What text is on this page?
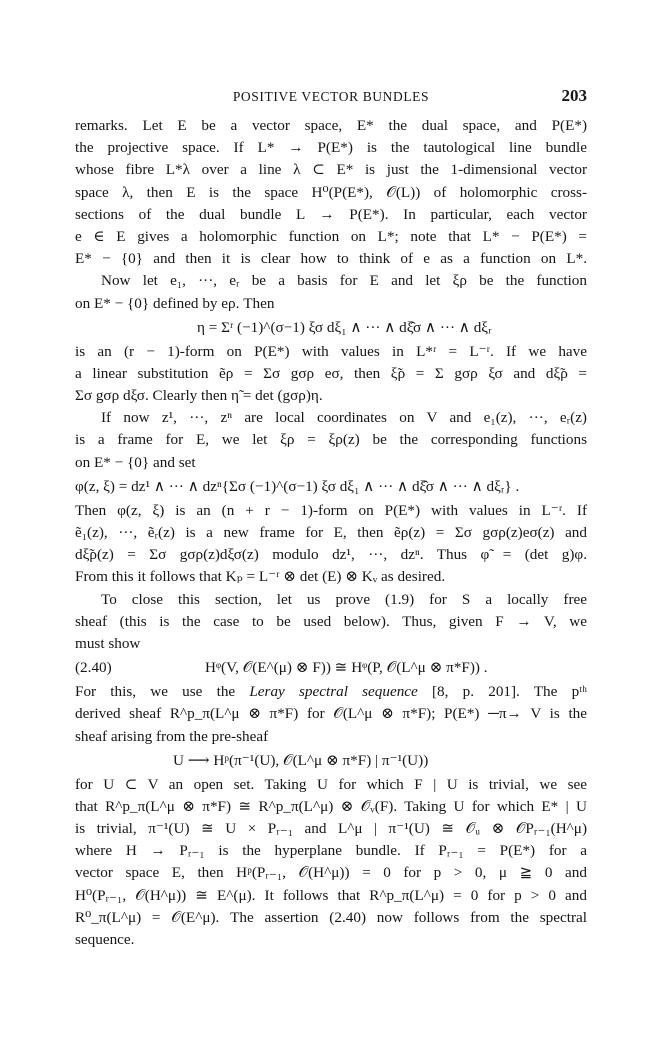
POSITIVE VECTOR BUNDLES	203
remarks. Let E be a vector space, E* the dual space, and P(E*)
the projective space. If L* → P(E*) is the tautological line bundle
whose fibre L*λ over a line λ ⊂ E* is just the 1-dimensional vector
space λ, then E is the space H⁰(P(E*), 𝒪(L)) of holomorphic cross-
sections of the dual bundle L → P(E*). In particular, each vector
e ∈ E gives a holomorphic function on L*; note that L* − P(E*) =
E* − {0} and then it is clear how to think of e as a function on L*.
Now let e₁, ···, eᵣ be a basis for E and let ξρ be the function
on E* − {0} defined by eρ. Then
η = Σʳ (−1)^(σ−1) ξσ dξ₁ ∧ ··· ∧ dξ̂σ ∧ ··· ∧ dξᵣ
is an (r − 1)-form on P(E*) with values in L*ʳ = L⁻ʳ. If we have
a linear substitution ẽρ = Σσ gσρ eσ, then ξ̃ρ = Σ gσρ ξσ and dξ̃ρ =
Σσ gσρ dξσ. Clearly then η̃ = det (gσρ)η.
If now z¹, ···, zⁿ are local coordinates on V and e₁(z), ···, eᵣ(z)
is a frame for E, we let ξρ = ξρ(z) be the corresponding functions
on E* − {0} and set
φ(z, ξ) = dz¹ ∧ ··· ∧ dzⁿ{Σσ (−1)^(σ−1) ξσ dξ₁ ∧ ··· ∧ dξ̂σ ∧ ··· ∧ dξᵣ} .
Then φ(z, ξ) is an (n + r − 1)-form on P(E*) with values in L⁻ʳ. If
ẽ₁(z), ···, ẽᵣ(z) is a new frame for E, then ẽρ(z) = Σσ gσρ(z)eσ(z) and
dξ̃ρ(z) = Σσ gσρ(z)dξσ(z) modulo dz¹, ···, dzⁿ. Thus φ̃ = (det g)φ.
From this it follows that Kₚ = L⁻ʳ ⊗ det (E) ⊗ Kᵥ as desired.
To close this section, let us prove (1.9) for S a locally free
sheaf (this is the case to be used below). Thus, given F → V, we
must show
(2.40)	Hᵠ(V, 𝒪(E^(μ) ⊗ F)) ≅ Hᵠ(P, 𝒪(L^μ ⊗ π*F)) .
For this, we use the Leray spectral sequence [8, p. 201]. The pᵗʰ
derived sheaf R^p_π(L^μ ⊗ π*F) for 𝒪(L^μ ⊗ π*F); P(E*) ─π→ V is the
sheaf arising from the pre-sheaf
U ⟶ Hᵖ(π⁻¹(U), 𝒪(L^μ ⊗ π*F) | π⁻¹(U))
for U ⊂ V an open set. Taking U for which F | U is trivial, we see
that R^p_π(L^μ ⊗ π*F) ≅ R^p_π(L^μ) ⊗ 𝒪ᵥ(F). Taking U for which E* | U
is trivial, π⁻¹(U) ≅ U × Pᵣ₋₁ and L^μ | π⁻¹(U) ≅ 𝒪ᵤ ⊗ 𝒪Pᵣ₋₁(H^μ)
where H → Pᵣ₋₁ is the hyperplane bundle. If Pᵣ₋₁ = P(E*) for a
vector space E, then Hᵖ(Pᵣ₋₁, 𝒪(H^μ)) = 0 for p > 0, μ ≧ 0 and
H⁰(Pᵣ₋₁, 𝒪(H^μ)) ≅ E^(μ). It follows that R^p_π(L^μ) = 0 for p > 0 and
R⁰_π(L^μ) = 𝒪(E^μ). The assertion (2.40) now follows from the spectral
sequence.
